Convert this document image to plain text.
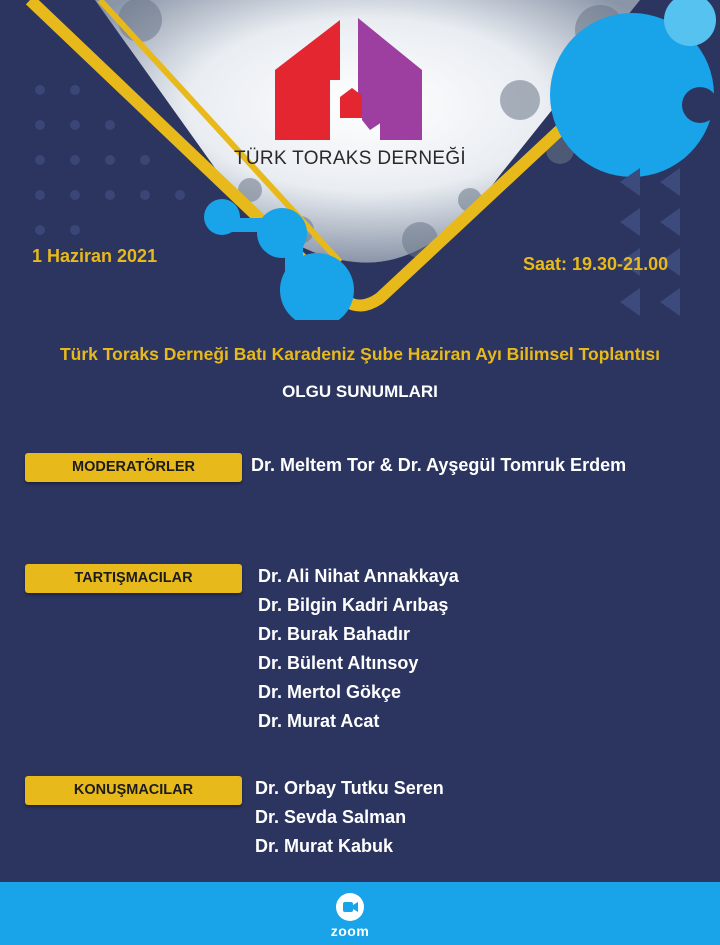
TÜRK TORAKS DERNEĞİ
1 Haziran 2021	Saat: 19.30-21.00
Türk Toraks Derneği Batı Karadeniz Şube Haziran Ayı Bilimsel Toplantısı
OLGU SUNUMLARI
MODERATÖRLER	Dr. Meltem Tor & Dr. Ayşegül Tomruk Erdem
TARTIŞMACILAR	Dr. Ali Nihat Annakkaya
Dr. Bilgin Kadri Arıbaş
Dr. Burak Bahadır
Dr. Bülent Altınsoy
Dr. Mertol Gökçe
Dr. Murat Acat
KONUŞMACILAR	Dr. Orbay Tutku Seren
Dr. Sevda Salman
Dr. Murat Kabuk
zoom
